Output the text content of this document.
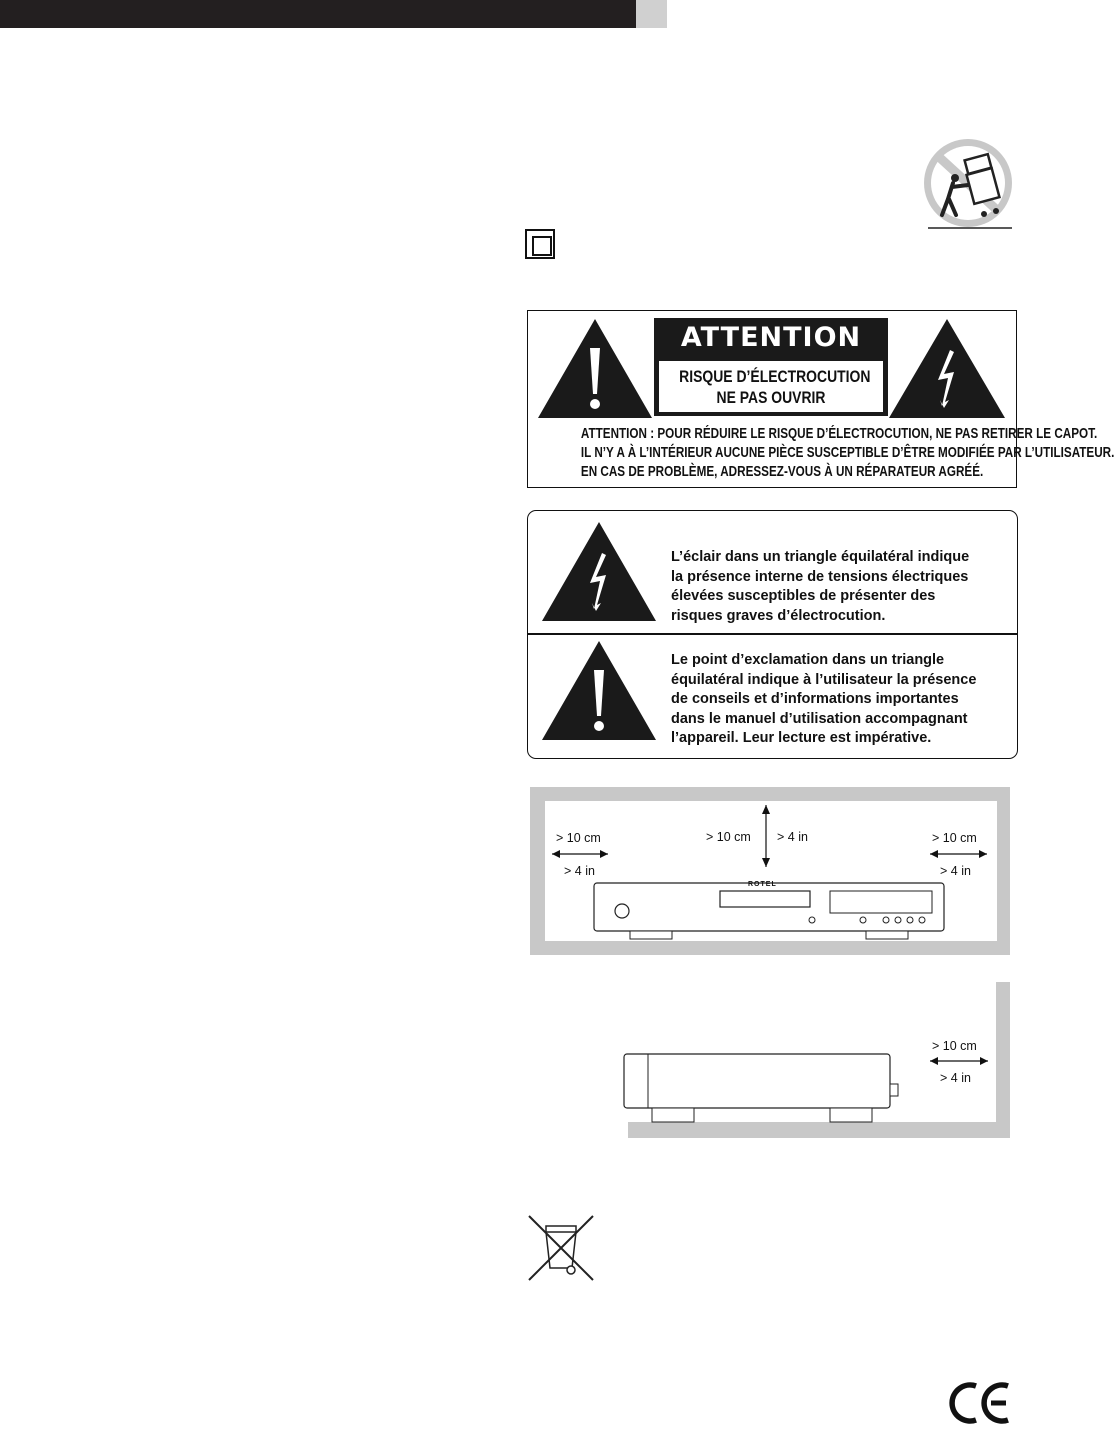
ATTENTION
RISQUE D’ÉLECTROCUTION
NE PAS OUVRIR
ATTENTION : POUR RÉDUIRE LE RISQUE D’ÉLECTROCUTION, NE PAS RETIRER LE CAPOT.
IL N’Y A À L’INTÉRIEUR AUCUNE PIÈCE SUSCEPTIBLE D’ÊTRE MODIFIÉE PAR L’UTILISATEUR.
EN CAS DE PROBLÈME, ADRESSEZ-VOUS À UN RÉPARATEUR AGRÉÉ.
L’éclair dans un triangle équilatéral indique
la présence interne de tensions électriques
élevées susceptibles de présenter des
risques graves d’électrocution.
Le point d’exclamation dans un triangle
équilatéral indique à l’utilisateur la présence
de conseils et d’informations importantes
dans le manuel d’utilisation accompagnant
l’appareil. Leur lecture est impérative.
> 10 cm
> 4 in
> 10 cm > 4 in	> 10 cm
> 4 in
ROTEL
> 10 cm
> 4 in
